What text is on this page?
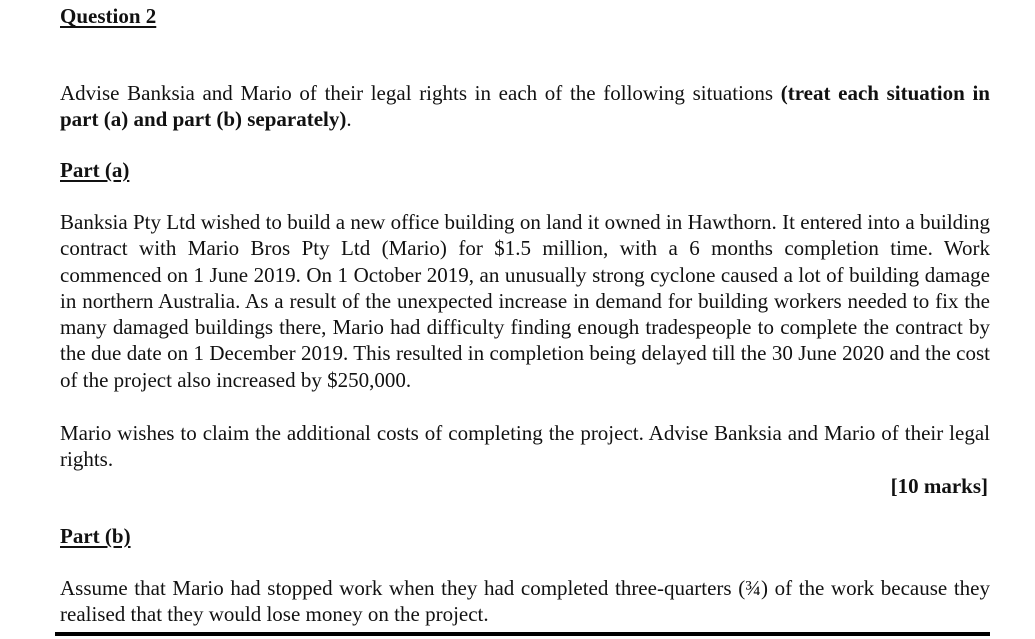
Question 2

Advise Banksia and Mario of their legal rights in each of the following situations (treat each situation in part (a) and part (b) separately).

Part (a)

Banksia Pty Ltd wished to build a new office building on land it owned in Hawthorn. It entered into a building contract with Mario Bros Pty Ltd (Mario) for $1.5 million, with a 6 months completion time. Work commenced on 1 June 2019. On 1 October 2019, an unusually strong cyclone caused a lot of building damage in northern Australia. As a result of the unexpected increase in demand for building workers needed to fix the many damaged buildings there, Mario had difficulty finding enough tradespeople to complete the contract by the due date on 1 December 2019. This resulted in completion being delayed till the 30 June 2020 and the cost of the project also increased by $250,000.

Mario wishes to claim the additional costs of completing the project. Advise Banksia and Mario of their legal rights.

[10 marks]

Part (b)

Assume that Mario had stopped work when they had completed three-quarters (¾) of the work because they realised that they would lose money on the project.
